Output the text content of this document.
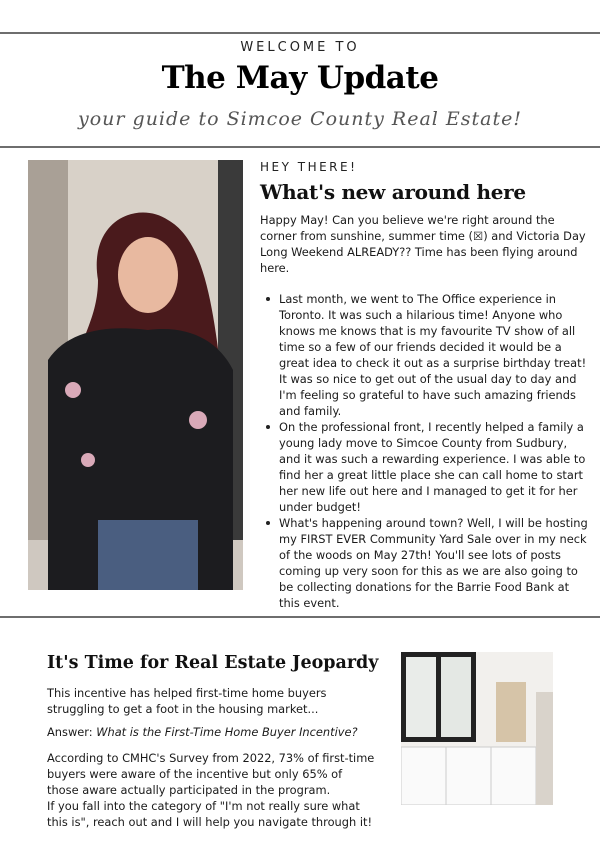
WELCOME TO
The May Update
your guide to Simcoe County Real Estate!
HEY THERE!
What's new around here

Happy May! Can you believe we're right around the corner from sunshine, summer time (☒) and Victoria Day Long Weekend ALREADY?? Time has been flying around here.

Last month, we went to The Office experience in Toronto. It was such a hilarious time! Anyone who knows me knows that is my favourite TV show of all time so a few of our friends decided it would be a great idea to check it out as a surprise birthday treat! It was so nice to get out of the usual day to day and I'm feeling so grateful to have such amazing friends and family.
On the professional front, I recently helped a family a young lady move to Simcoe County from Sudbury, and it was such a rewarding experience. I was able to find her a great little place she can call home to start her new life out here and I managed to get it for her under budget!
What's happening around town? Well, I will be hosting my FIRST EVER Community Yard Sale over in my neck of the woods on May 27th! You'll see lots of posts coming up very soon for this as we are also going to be collecting donations for the Barrie Food Bank at this event.
It's Time for Real Estate Jeopardy

This incentive has helped first-time home buyers struggling to get a foot in the housing market...

Answer: What is the First-Time Home Buyer Incentive?

According to CMHC's Survey from 2022, 73% of first-time buyers were aware of the incentive but only 65% of those aware actually participated in the program.

If you fall into the category of "I'm not really sure what this is", reach out and I will help you navigate through it!
